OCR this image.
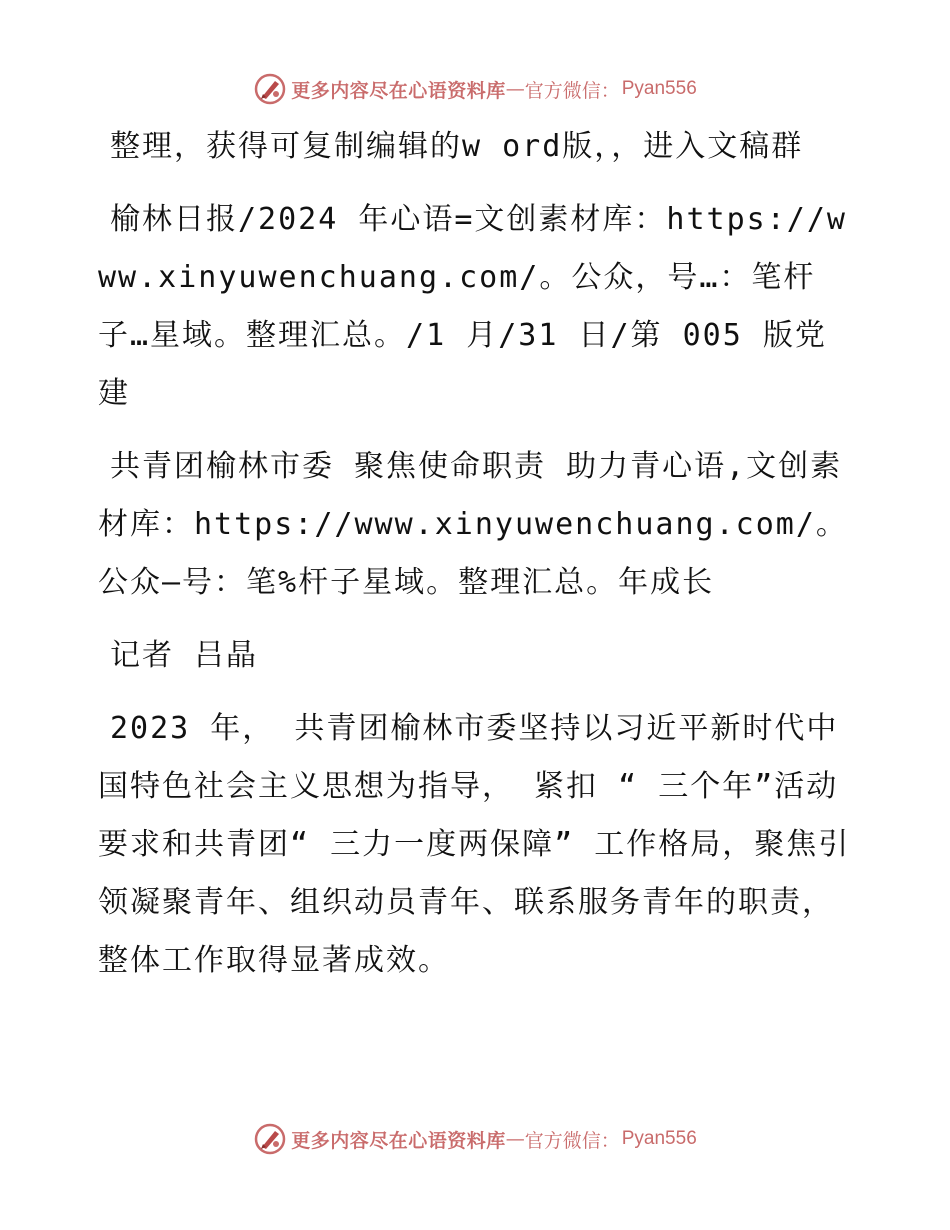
更多内容尽在心语资料库 — 官方微信： Pyan556

整理，获得可复制编辑的w ord版，，进入文稿群

榆林日报/2024 年心语=文创素材库：https://www.xinyuwenchuang.com/。公众，号…：笔杆子…星域。整理汇总。/1 月/31 日/第 005 版党建

共青团榆林市委 聚焦使命职责 助力青心语,文创素材库：https://www.xinyuwenchuang.com/。公众—号：笔%杆子星域。整理汇总。年成长

记者 吕晶

2023 年， 共青团榆林市委坚持以习近平新时代中国特色社会主义思想为指导， 紧扣 “ 三个年”活动要求和共青团“ 三力一度两保障” 工作格局，聚焦引领凝聚青年、组织动员青年、联系服务青年的职责，整体工作取得显著成效。

更多内容尽在心语资料库 — 官方微信： Pyan556
